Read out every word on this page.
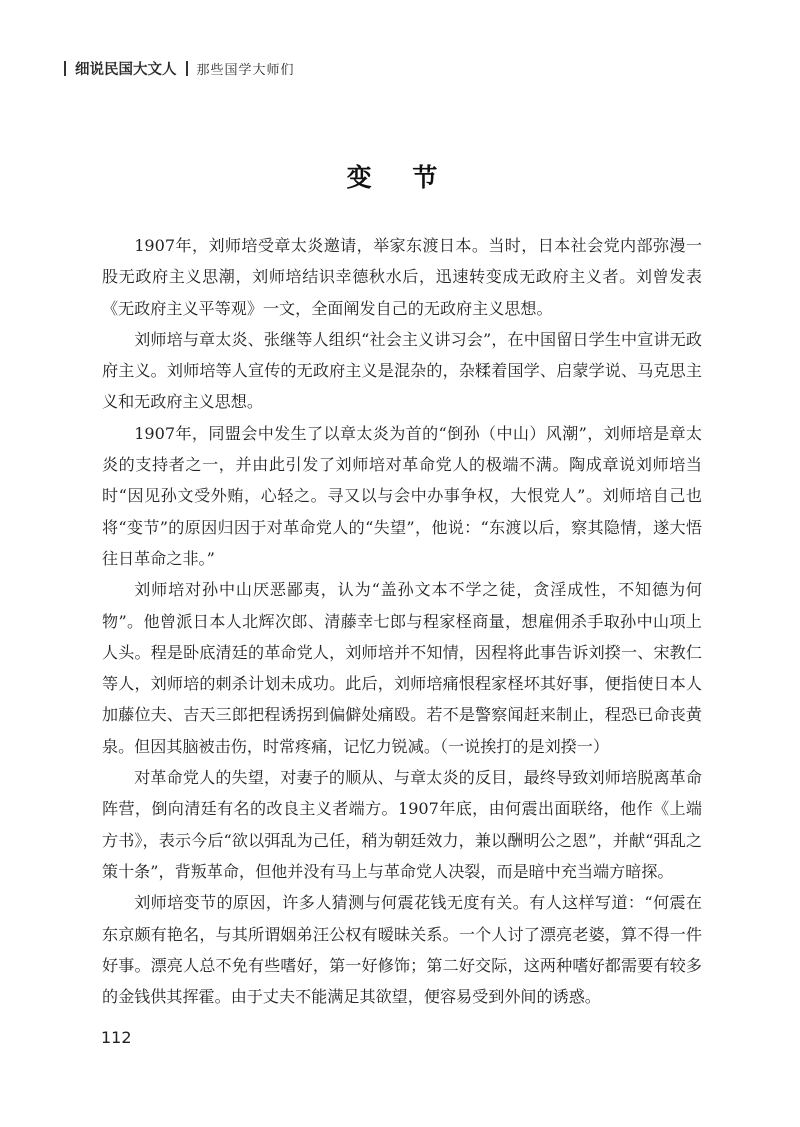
细说民国大文人 那些国学大师们
变 节

1907年，刘师培受章太炎邀请，举家东渡日本。当时，日本社会党内部弥漫一股无政府主义思潮，刘师培结识幸德秋水后，迅速转变成无政府主义者。刘曾发表《无政府主义平等观》一文，全面阐发自己的无政府主义思想。

刘师培与章太炎、张继等人组织“社会主义讲习会”，在中国留日学生中宣讲无政府主义。刘师培等人宣传的无政府主义是混杂的，杂糅着国学、启蒙学说、马克思主义和无政府主义思想。

1907年，同盟会中发生了以章太炎为首的“倒孙（中山）风潮”，刘师培是章太炎的支持者之一，并由此引发了刘师培对革命党人的极端不满。陶成章说刘师培当时“因见孙文受外贿，心轻之。寻又以与会中办事争权，大恨党人”。刘师培自己也将“变节”的原因归因于对革命党人的“失望”，他说：“东渡以后，察其隐情，遂大悟往日革命之非。”

刘师培对孙中山厌恶鄙夷，认为“盖孙文本不学之徒，贪淫成性，不知德为何物”。他曾派日本人北辉次郎、清藤幸七郎与程家柽商量，想雇佣杀手取孙中山项上人头。程是卧底清廷的革命党人，刘师培并不知情，因程将此事告诉刘揆一、宋教仁等人，刘师培的刺杀计划未成功。此后，刘师培痛恨程家柽坏其好事，便指使日本人加藤位夫、吉天三郎把程诱拐到偏僻处痛殴。若不是警察闻赶来制止，程恐已命丧黄泉。但因其脑被击伤，时常疼痛，记忆力锐减。（一说挨打的是刘揆一）

对革命党人的失望，对妻子的顺从、与章太炎的反目，最终导致刘师培脱离革命阵营，倒向清廷有名的改良主义者端方。1907年底，由何震出面联络，他作《上端方书》，表示今后“欲以弭乱为己任，稍为朝廷效力，兼以酬明公之恩”，并献“弭乱之策十条”，背叛革命，但他并没有马上与革命党人决裂，而是暗中充当端方暗探。

刘师培变节的原因，许多人猜测与何震花钱无度有关。有人这样写道：“何震在东京颇有艳名，与其所谓姻弟汪公权有暧昧关系。一个人讨了漂亮老婆，算不得一件好事。漂亮人总不免有些嗜好，第一好修饰；第二好交际，这两种嗜好都需要有较多的金钱供其挥霍。由于丈夫不能满足其欲望，便容易受到外间的诱惑。

112
